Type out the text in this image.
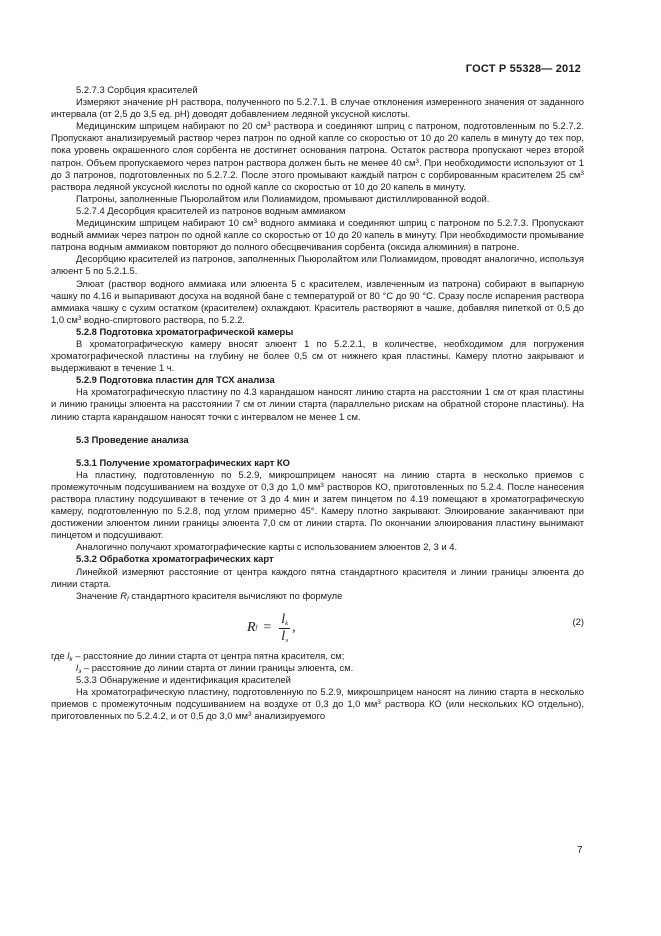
ГОСТ Р 55328— 2012

5.2.7.3 Сорбция красителей

Измеряют значение рН раствора, полученного по 5.2.7.1. В случае отклонения измеренного значения от заданного интервала (от 2,5 до 3,5 ед. рН) доводят добавлением ледяной уксусной кислоты.

Медицинским шприцем набирают по 20 $см^3$ раствора и соединяют шприц с патроном, подготовленным по 5.2.7.2. Пропускают анализируемый раствор через патрон по одной капле со скоростью от 10 до 20 капель в минуту до тех пор, пока уровень окрашенного слоя сорбента не достигнет основания патрона. Остаток раствора пропускают через второй патрон. Объем пропускаемого через патрон раствора должен быть не менее 40 $см^3$. При необходимости используют от 1 до 3 патронов, подготовленных по 5.2.7.2. После этого промывают каждый патрон с сорбированным красителем 25 $см^3$ раствора ледяной уксусной кислоты по одной капле со скоростью от 10 до 20 капель в минуту.

Патроны, заполненные Пьюролайтом или Полиамидом, промывают дистиллированной водой.

5.2.7.4 Десорбция красителей из патронов водным аммиаком

Медицинским шприцем набирают 10 $см^3$ водного аммиака и соединяют шприц с патроном по 5.2.7.3. Пропускают водный аммиак через патрон по одной капле со скоростью от 10 до 20 капель в минуту. При необходимости промывание патрона водным аммиаком повторяют до полного обесцвечивания сорбента (оксида алюминия) в патроне.

Десорбцию красителей из патронов, заполненных Пьюролайтом или Полиамидом, проводят аналогично, используя элюент 5 по 5.2.1.5.

Элюат (раствор водного аммиака или элюента 5 с красителем, извлеченным из патрона) собирают в выпарную чашку по 4.16 и выпаривают досуха на водяной бане с температурой от 80 °С до 90 °С. Сразу после испарения раствора аммиака чашку с сухим остатком (красителем) охлаждают. Краситель растворяют в чашке, добавляя пипеткой от 0,5 до 1,0 $см^3$ водно-спиртового раствора, по 5.2.2.

5.2.8 Подготовка хроматографической камеры

В хроматографическую камеру вносят элюент 1 по 5.2.2.1, в количестве, необходимом для погружения хроматографической пластины на глубину не более 0,5 см от нижнего края пластины. Камеру плотно закрывают и выдерживают в течение 1 ч.

5.2.9 Подготовка пластин для ТСХ анализа

На хроматографическую пластину по 4.3 карандашом наносят линию старта на расстоянии 1 см от края пластины и линию границы элюента на расстоянии 7 см от линии старта (параллельно рискам на обратной стороне пластины). На линию старта карандашом наносят точки с интервалом не менее 1 см.

5.3 Проведение анализа

5.3.1 Получение хроматографических карт КО

На пластину, подготовленную по 5.2.9, микрошприцем наносят на линию старта в несколько приемов с промежуточным подсушиванием на воздухе от 0,3 до 1,0 $мм^3$ растворов КО, приготовленных по 5.2.4. После нанесения раствора пластину подсушивают в течение от 3 до 4 мин и затем пинцетом по 4.19 помещают в хроматографическую камеру, подготовленную по 5.2.8, под углом примерно 45°. Камеру плотно закрывают. Элюирование заканчивают при достижении элюентом линии границы элюента 7,0 см от линии старта. По окончании элюирования пластину вынимают пинцетом и подсушивают.

Аналогично получают хроматографические карты с использованием элюентов 2, 3 и 4.

5.3.2 Обработка хроматографических карт

Линейкой измеряют расстояние от центра каждого пятна стандартного красителя и линии границы элюента до линии старта.

Значение $R_f$ стандартного красителя вычисляют по формуле

R $f = \frac{l_k}{l_э}$ ,	(2)

где $l_k$ – расстояние до линии старта от центра пятна красителя, см;

$l_э$ – расстояние до линии старта от линии границы элюента, см.

5.3.3 Обнаружение и идентификация красителей

На хроматографическую пластину, подготовленную по 5.2.9, микрошприцем наносят на линию старта в несколько приемов с промежуточным подсушиванием на воздухе от 0,3 до 1,0 $мм^3$ раствора КО (или нескольких КО отдельно), приготовленных по 5.2.4.2, и от 0,5 до 3,0 $мм^3$ анализируемого

7
